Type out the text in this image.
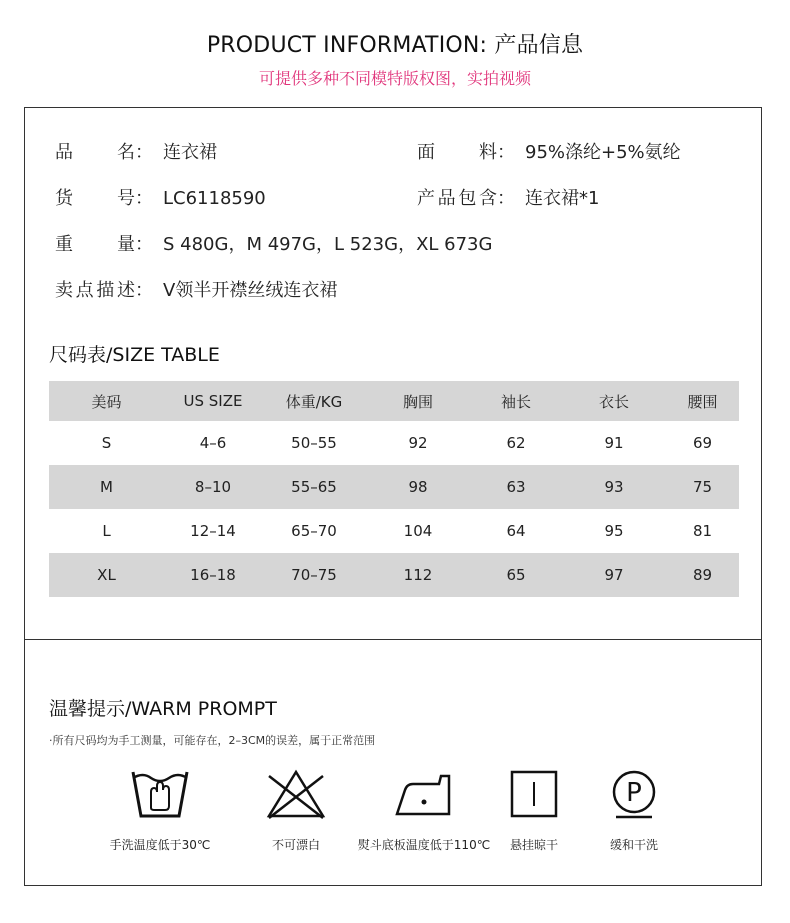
PRODUCT INFORMATION: 产品信息
可提供多种不同模特版权图，实拍视频
品名： 连衣裙	面料： 95%涤纶+5%氨纶
货号： LC6118590	产品包含： 连衣裙*1
重量： S 480G，M 497G，L 523G，XL 673G
卖点描述： V领半开襟丝绒连衣裙
尺码表/SIZE TABLE
美码	US SIZE	体重/KG	胸围	袖长	衣长	腰围
S	4–6	50–55	92	62	91	69
M	8–10	55–65	98	63	93	75
L	12–14	65–70	104	64	95	81
XL	16–18	70–75	112	65	97	89
温馨提示/WARM PROMPT
·所有尺码均为手工测量，可能存在，2–3CM的误差，属于正常范围
手洗温度低于30℃	不可漂白	熨斗底板温度低于110℃	悬挂晾干
P
缓和干洗
